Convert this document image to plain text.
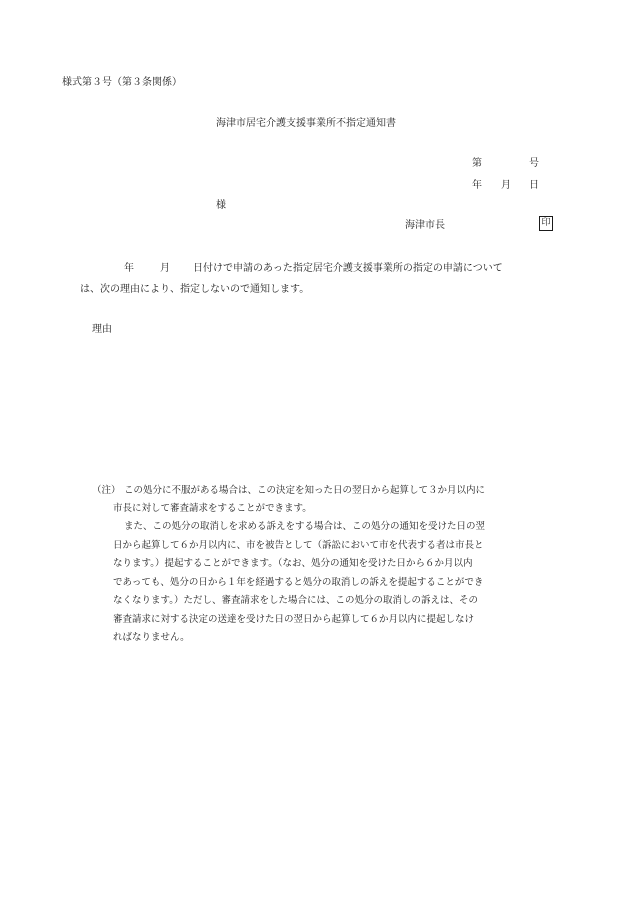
様式第３号（第３条関係）
海津市居宅介護支援事業所不指定通知書
第	号
年 月 日
様
海津市長	印
年	月 日付けで申請のあった指定居宅介護支援事業所の指定の申請について
は、次の理由により、指定しないので通知します。
理由
（注） この処分に不服がある場合は、この決定を知った日の翌日から起算して３か月以内に
市長に対して審査請求をすることができます。
また、この処分の取消しを求める訴えをする場合は、この処分の通知を受けた日の翌
日から起算して６か月以内に、市を被告として（訴訟において市を代表する者は市長と
なります。）提起することができます。（なお、処分の通知を受けた日から６か月以内
であっても、処分の日から１年を経過すると処分の取消しの訴えを提起することができ
なくなります。）ただし、審査請求をした場合には、この処分の取消しの訴えは、その
審査請求に対する決定の送達を受けた日の翌日から起算して６か月以内に提起しなけ
ればなりません。
